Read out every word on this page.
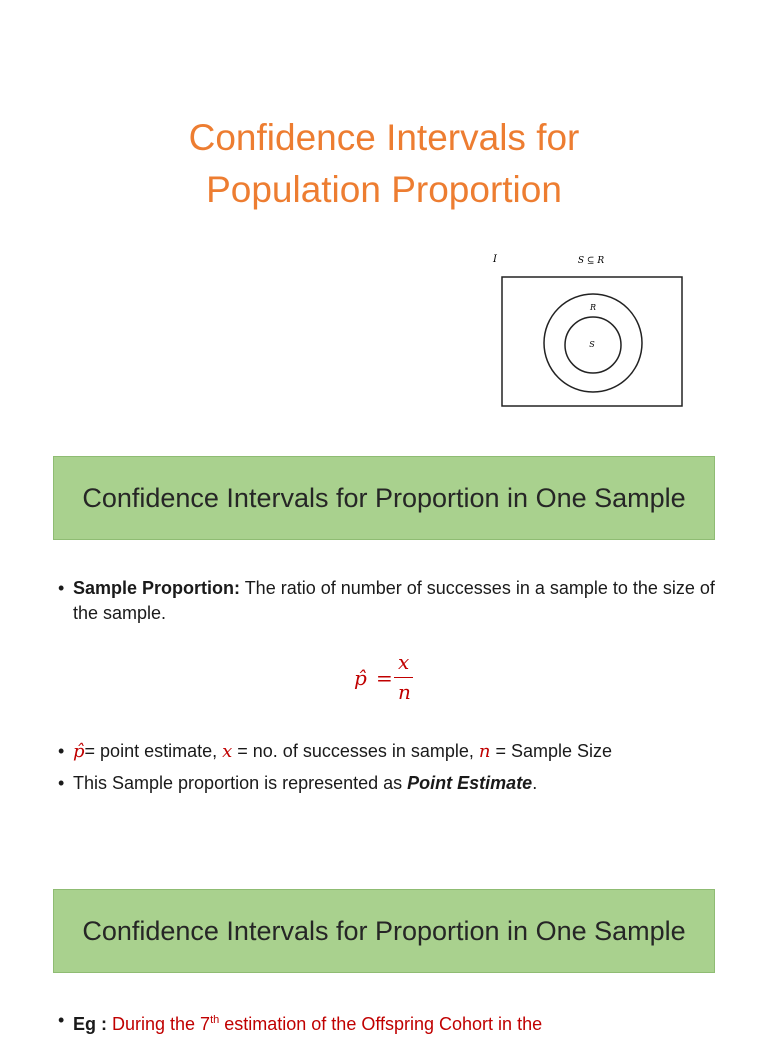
Confidence Intervals for
Population Proportion
I	S ⊆ R
R
S
Confidence Intervals for Proportion in One Sample
• Sample Proportion: The ratio of number of successes in a sample to the size of the sample.
p̂ =
x
n
• p̂= point estimate, x = no. of successes in sample, n = Sample Size
• This Sample proportion is represented as Point Estimate.
Confidence Intervals for Proportion in One Sample
• Eg : During the 7th estimation of the Offspring Cohort in the
